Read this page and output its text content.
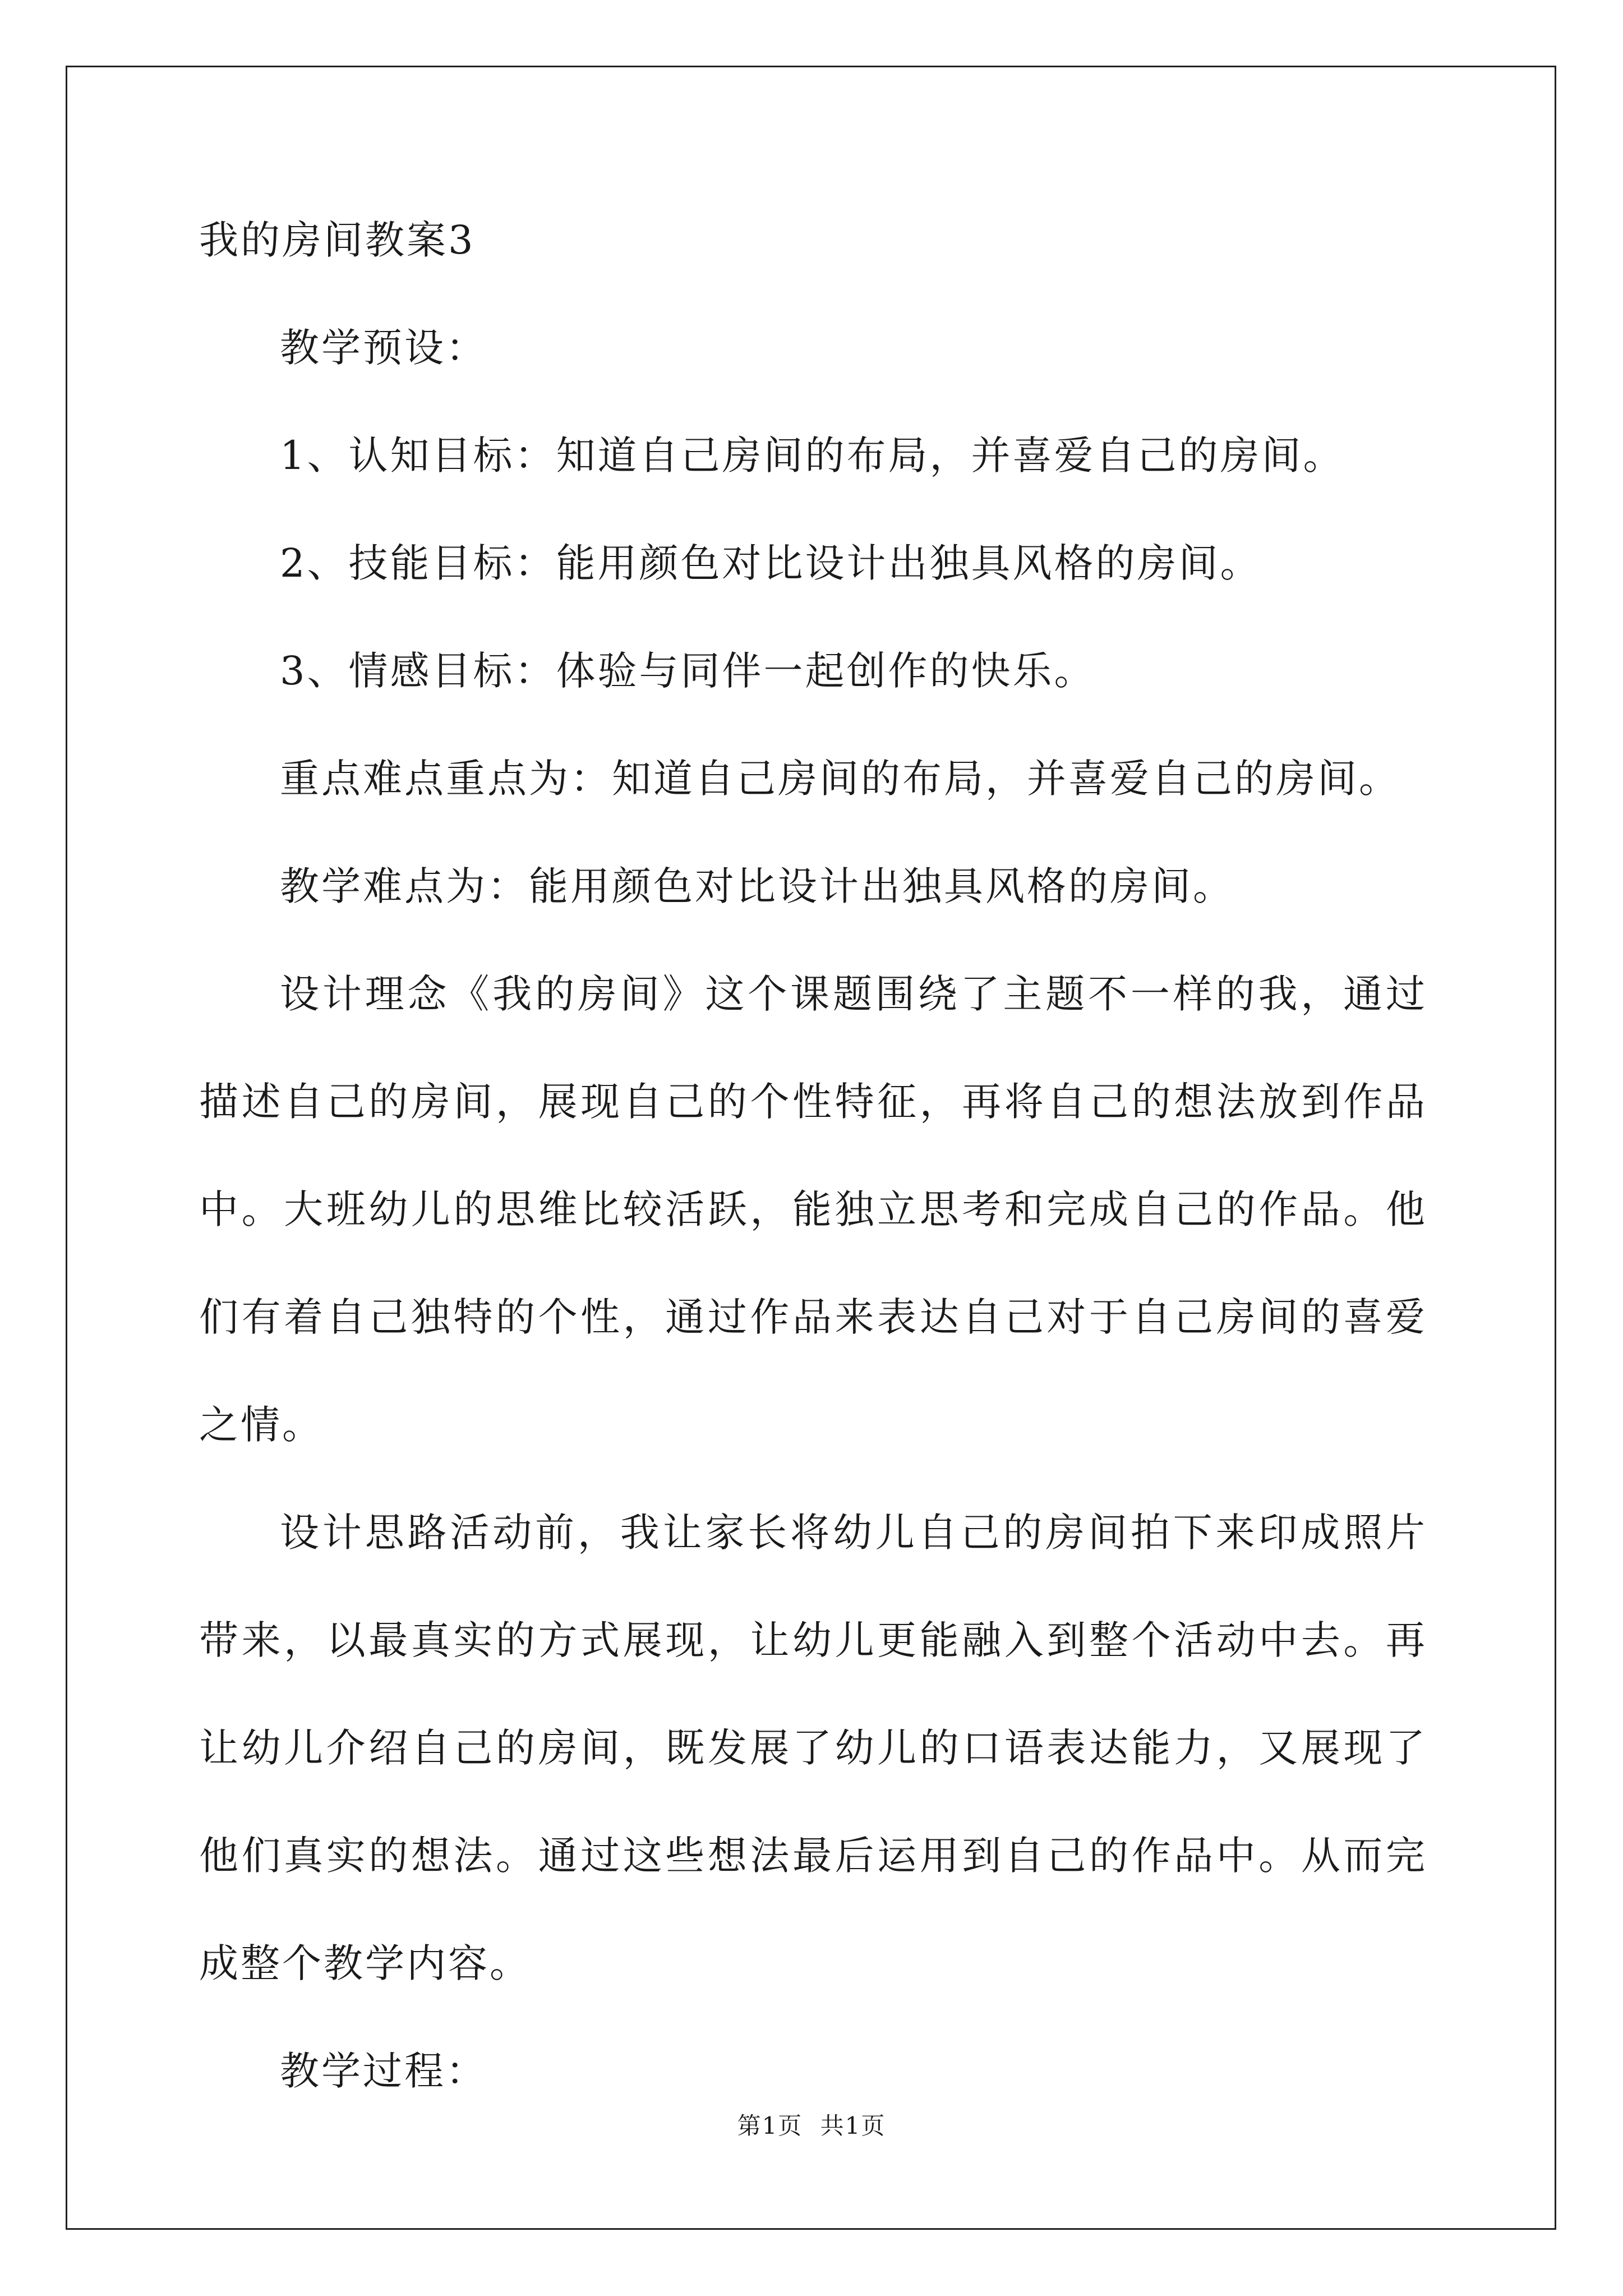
我的房间教案3
教学预设：
1、认知目标：知道自己房间的布局，并喜爱自己的房间。
2、技能目标：能用颜色对比设计出独具风格的房间。
3、情感目标：体验与同伴一起创作的快乐。
重点难点重点为：知道自己房间的布局，并喜爱自己的房间。
教学难点为：能用颜色对比设计出独具风格的房间。
设计理念《我的房间》这个课题围绕了主题不一样的我，通过描述自己的房间，展现自己的个性特征，再将自己的想法放到作品中。大班幼儿的思维比较活跃，能独立思考和完成自己的作品。他们有着自己独特的个性，通过作品来表达自己对于自己房间的喜爱之情。
设计思路活动前，我让家长将幼儿自己的房间拍下来印成照片带来，以最真实的方式展现，让幼儿更能融入到整个活动中去。再让幼儿介绍自己的房间，既发展了幼儿的口语表达能力，又展现了他们真实的想法。通过这些想法最后运用到自己的作品中。从而完成整个教学内容。
教学过程：
第1页 共1页
